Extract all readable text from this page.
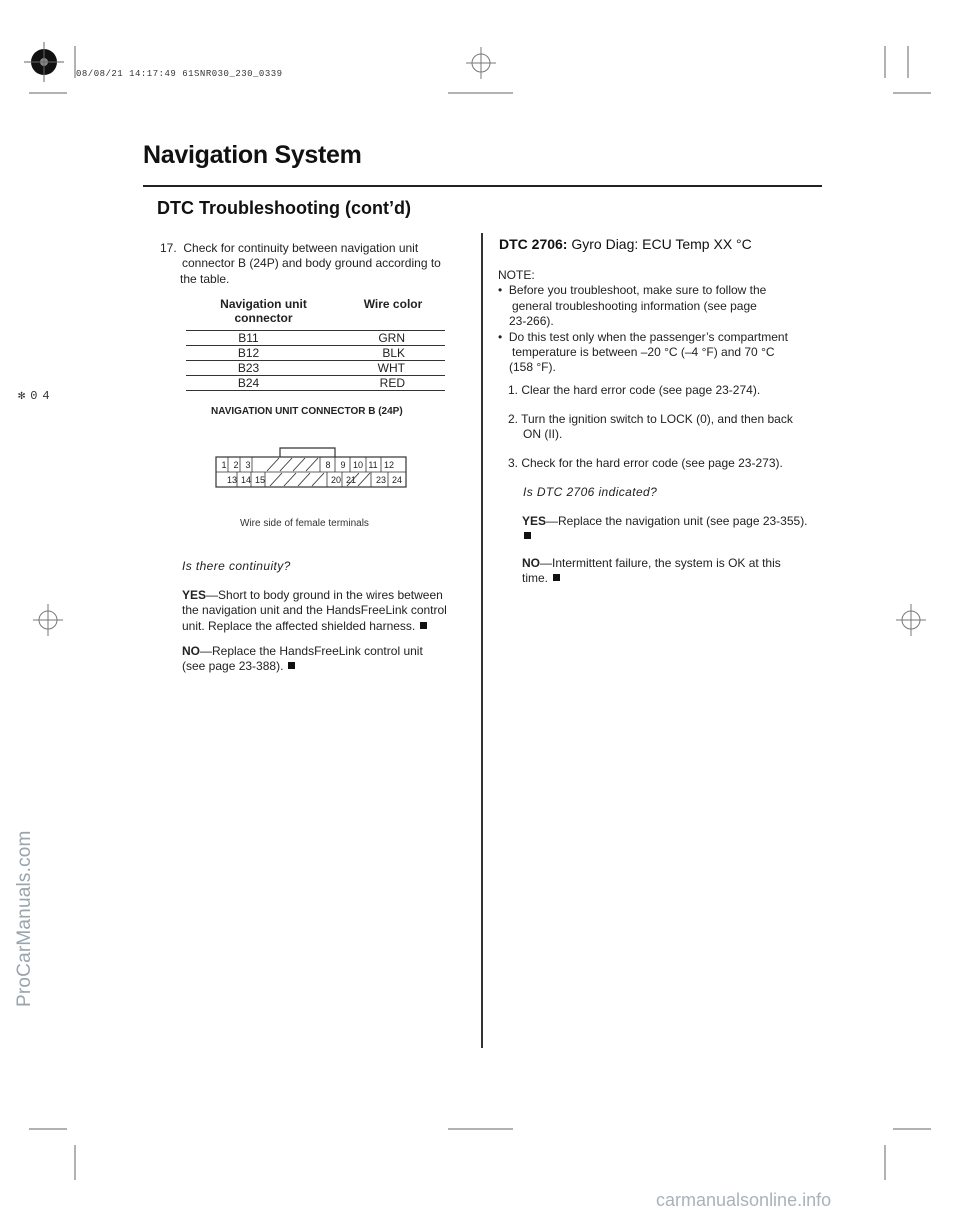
08/08/21 14:17:49 61SNR030_230_0339
✻04
Navigation System
DTC Troubleshooting (cont’d)
17. Check for continuity between navigation unit
connector B (24P) and body ground according to
the table.
Navigation unit
connector	Wire color
B11	GRN
B12	BLK
B23	WHT
B24	RED
NAVIGATION UNIT CONNECTOR B (24P)
1 2 3	8 9 10 11 12
13 14 15	20 21 23 24
Wire side of female terminals
Is there continuity?
YES—Short to body ground in the wires between
the navigation unit and the HandsFreeLink control
unit. Replace the affected shielded harness.
NO—Replace the HandsFreeLink control unit
(see page 23-388).
DTC 2706: Gyro Diag: ECU Temp XX °C
NOTE:
•  Before you troubleshoot, make sure to follow the
general troubleshooting information (see page
23-266).
•  Do this test only when the passenger’s compartment
temperature is between –20 °C (–4 °F) and 70 °C
(158 °F).
1. Clear the hard error code (see page 23-274).
2. Turn the ignition switch to LOCK (0), and then back
ON (II).
3. Check for the hard error code (see page 23-273).
Is DTC 2706 indicated?
YES—Replace the navigation unit (see page 23-355).
NO—Intermittent failure, the system is OK at this
time.
ProCarManuals.com
carmanualsonline.info
